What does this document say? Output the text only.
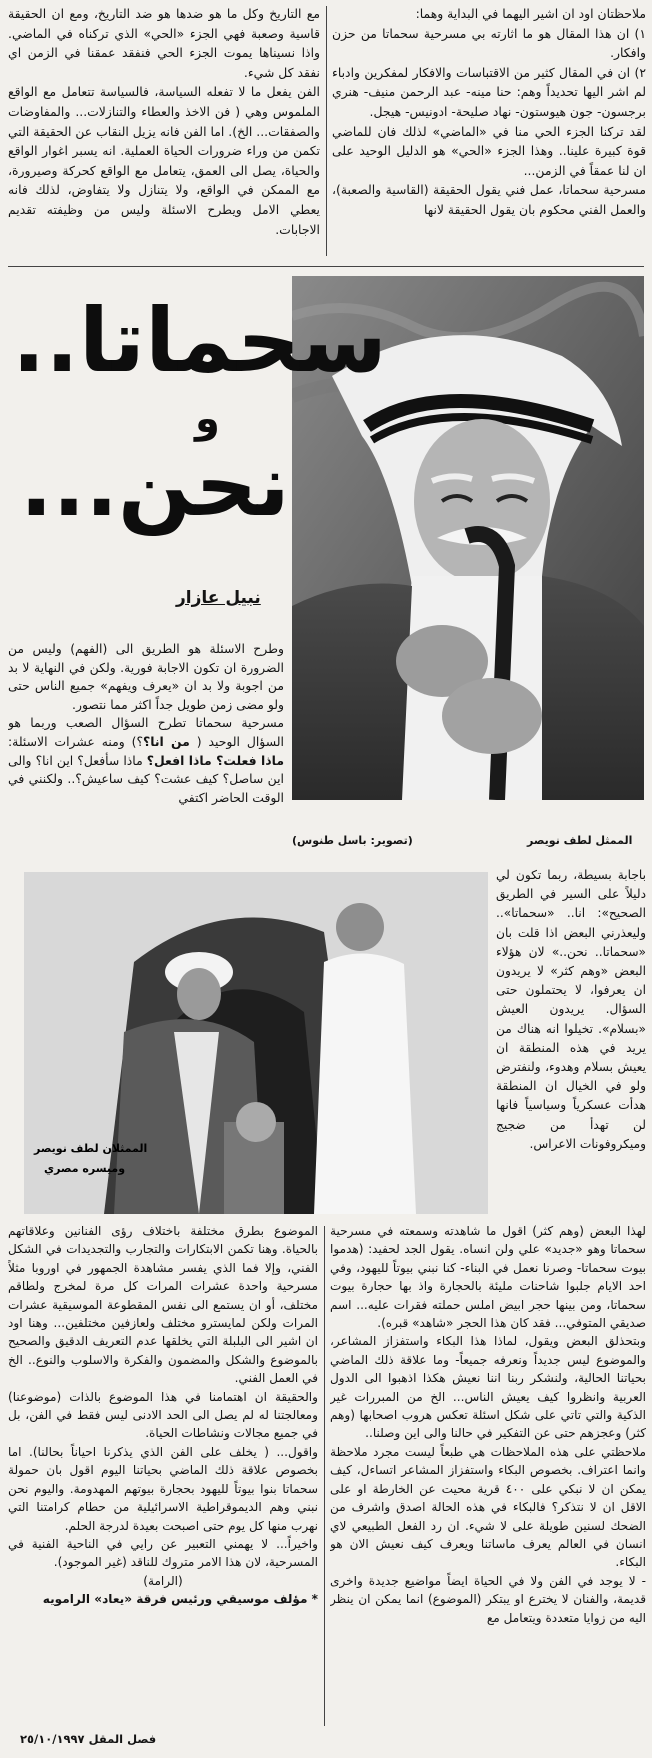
ملاحظتان اود ان اشير اليهما في البداية وهما:

١) ان هذا المقال هو ما اثارته بي مسرحية سحماتا من حزن وافكار.

٢) ان في المقال كثير من الاقتباسات والافكار لمفكرين وادباء لم اشر اليها تحديداً وهم: حنا مينه- عبد الرحمن منيف- هنري برجسون- جون هيوستون- نهاد صليحة- ادونيس- هيجل.

لقد تركنا الجزء الحي منا في «الماضي» لذلك فان للماضي قوة كبيرة علينا.. وهذا الجزء «الحي» هو الدليل الوحيد على ان لنا عمقاً في الزمن...

مسرحية سحماتا، عمل فني يقول الحقيقة (القاسية والصعبة)، والعمل الفني محكوم بان يقول الحقيقة لانها

مع التاريخ وكل ما هو ضدها هو ضد التاريخ، ومع ان الحقيقة قاسية وصعبة فهي الجزء «الحي» الذي تركناه في الماضي. واذا نسيناها يموت الجزء الحي فنفقد عمقنا في الزمن اي نفقد كل شيء.

الفن يفعل ما لا تفعله السياسة، فالسياسة تتعامل مع الواقع الملموس وهي ( فن الاخذ والعطاء والتنازلات... والمفاوضات والصفقات... الخ). اما الفن فانه يزيل النقاب عن الحقيقة التي تكمن من وراء ضرورات الحياة العملية. انه يسبر اغوار الواقع والحياة، يصل الى العمق، يتعامل مع الواقع كحركة وصيرورة، مع الممكن في الواقع، ولا يتنازل ولا يتفاوض، لذلك فانه يعطي الامل ويطرح الاسئلة وليس من وظيفته تقديم الاجابات.

سحماتا..
و
نحن...
نبيل عازار

وطرح الاسئلة هو الطريق الى (الفهم) وليس من الضرورة ان تكون الاجابة فورية. ولكن في النهاية لا بد من اجوبة ولا بد ان «يعرف ويفهم» جميع الناس حتى ولو مضى زمن طويل جداً اكثر مما نتصور.

مسرحية سحماتا تطرح السؤال الصعب وربما هو السؤال الوحيد ( من انا؟؟) ومنه عشرات الاسئلة: ماذا فعلت؟ ماذا افعل؟ ماذا سأفعل؟ اين انا؟ والى اين ساصل؟ كيف عشت؟ كيف ساعيش؟.. ولكنني في الوقت الحاضر اكتفي

(تصوير: باسل طنوس)	الممثل لطف نويصر
الممثلان لطف نويصر
وميسره مصري

باجابة بسيطة، ربما تكون لي دليلاً على السير في الطريق الصحيح»: انا.. «سحماتا».. وليعذرني البعض اذا قلت بان «سحماتا.. نحن..» لان هؤلاء البعض «وهم كثر» لا يريدون ان يعرفوا، لا يحتملون حتى السؤال. يريدون العيش «بسلام». تخيلوا انه هناك من يريد في هذه المنطقة ان يعيش بسلام وهدوء، ولنفترض ولو في الخيال ان المنطقة هدأت عسكرياً وسياسياً فانها لن تهدأ من ضجيج وميكروفونات الاعراس.

لهذا البعض (وهم كثر) اقول ما شاهدته وسمعته في مسرحية سحماتا وهو «جديد» علي ولن انساه. يقول الجد لحفيد: (هدموا بيوت سحماتا- وصرنا نعمل في البناء- كنا نبني بيوتاً لليهود، وفي احد الايام جلبوا شاحنات مليئة بالحجارة واذ بها حجارة بيوت سحماتا، ومن بينها حجر ابيض املس حملته فقرات عليه... اسم صديقي المتوفي... فقد كان هذا الحجر «شاهد» قبره).

وبتحذلق البعض ويقول، لماذا هذا البكاء واستفزاز المشاعر، والموضوع ليس جديداً ونعرفه جميعاً- وما علاقة ذلك الماضي بحياتنا الحالية، ولنشكر ربنا اننا نعيش هكذا اذهبوا الى الدول العربية وانظروا كيف يعيش الناس... الخ من المبررات غير الذكية والتي تاتي على شكل اسئلة تعكس هروب اصحابها (وهم كثر) وعجزهم حتى عن التفكير في حالنا والى اين وصلنا..

ملاحظتي على هذه الملاحظات هي طبعاً ليست مجرد ملاحظة وانما اعتراف. بخصوص البكاء واستفزاز المشاعر اتساءل، كيف يمكن ان لا نبكي على ٤٠٠ قرية محيت عن الخارطة او على الاقل ان لا نتذكر؟ فالبكاء في هذه الحالة اصدق واشرف من الضحك لسنين طويلة على لا شيء. ان رد الفعل الطبيعي لاي انسان في العالم يعرف ماساتنا ويعرف كيف نعيش الان هو البكاء.

- لا يوجد في الفن ولا في الحياة ايضاً مواضيع جديدة واخرى قديمة، والفنان لا يخترع او يبتكر (الموضوع) انما يمكن ان ينظر اليه من زوايا متعددة ويتعامل مع

الموضوع بطرق مختلفة باختلاف رؤى الفنانين وعلاقاتهم بالحياة. وهنا تكمن الابتكارات والتجارب والتجديدات في الشكل الفني، وإلا فما الذي يفسر مشاهدة الجمهور في اوروبا مثلاً مسرحية واحدة عشرات المرات كل مرة لمخرج ولطاقم مختلف، أو ان يستمع الى نفس المقطوعة الموسيقية عشرات المرات ولكن لمايسترو مختلف ولعازفين مختلفين... وهنا اود ان اشير الى البلبلة التي يخلقها عدم التعريف الدقيق والصحيح بالموضوع والشكل والمضمون والفكرة والاسلوب والنوع.. الخ في العمل الفني.

والحقيقة ان اهتمامنا في هذا الموضوع بالذات (موضوعنا) ومعالجتنا له لم يصل الى الحد الادنى ليس فقط في الفن، بل في جميع مجالات ونشاطات الحياة.

واقول... ( يخلف على الفن الذي يذكرنا احياناً بحالنا). اما بخصوص علاقة ذلك الماضي بحياتنا اليوم اقول بان حمولة سحماتا بنوا بيوتاً لليهود بحجارة بيوتهم المهدومة. واليوم نحن نبني وهم الديموقراطية الاسرائيلية من حطام كرامتنا التي نهرب منها كل يوم حتى اصبحت بعيدة لدرجة الحلم.

واخيراً... لا يهمني التعبير عن رايي في الناحية الفنية في المسرحية، لان هذا الامر متروك للناقد (غير الموجود).

(الرامة)

* مؤلف موسيقي ورئيس فرقة «يعاد» الرامويه

فصل المقل ٢٥/١٠/١٩٩٧
